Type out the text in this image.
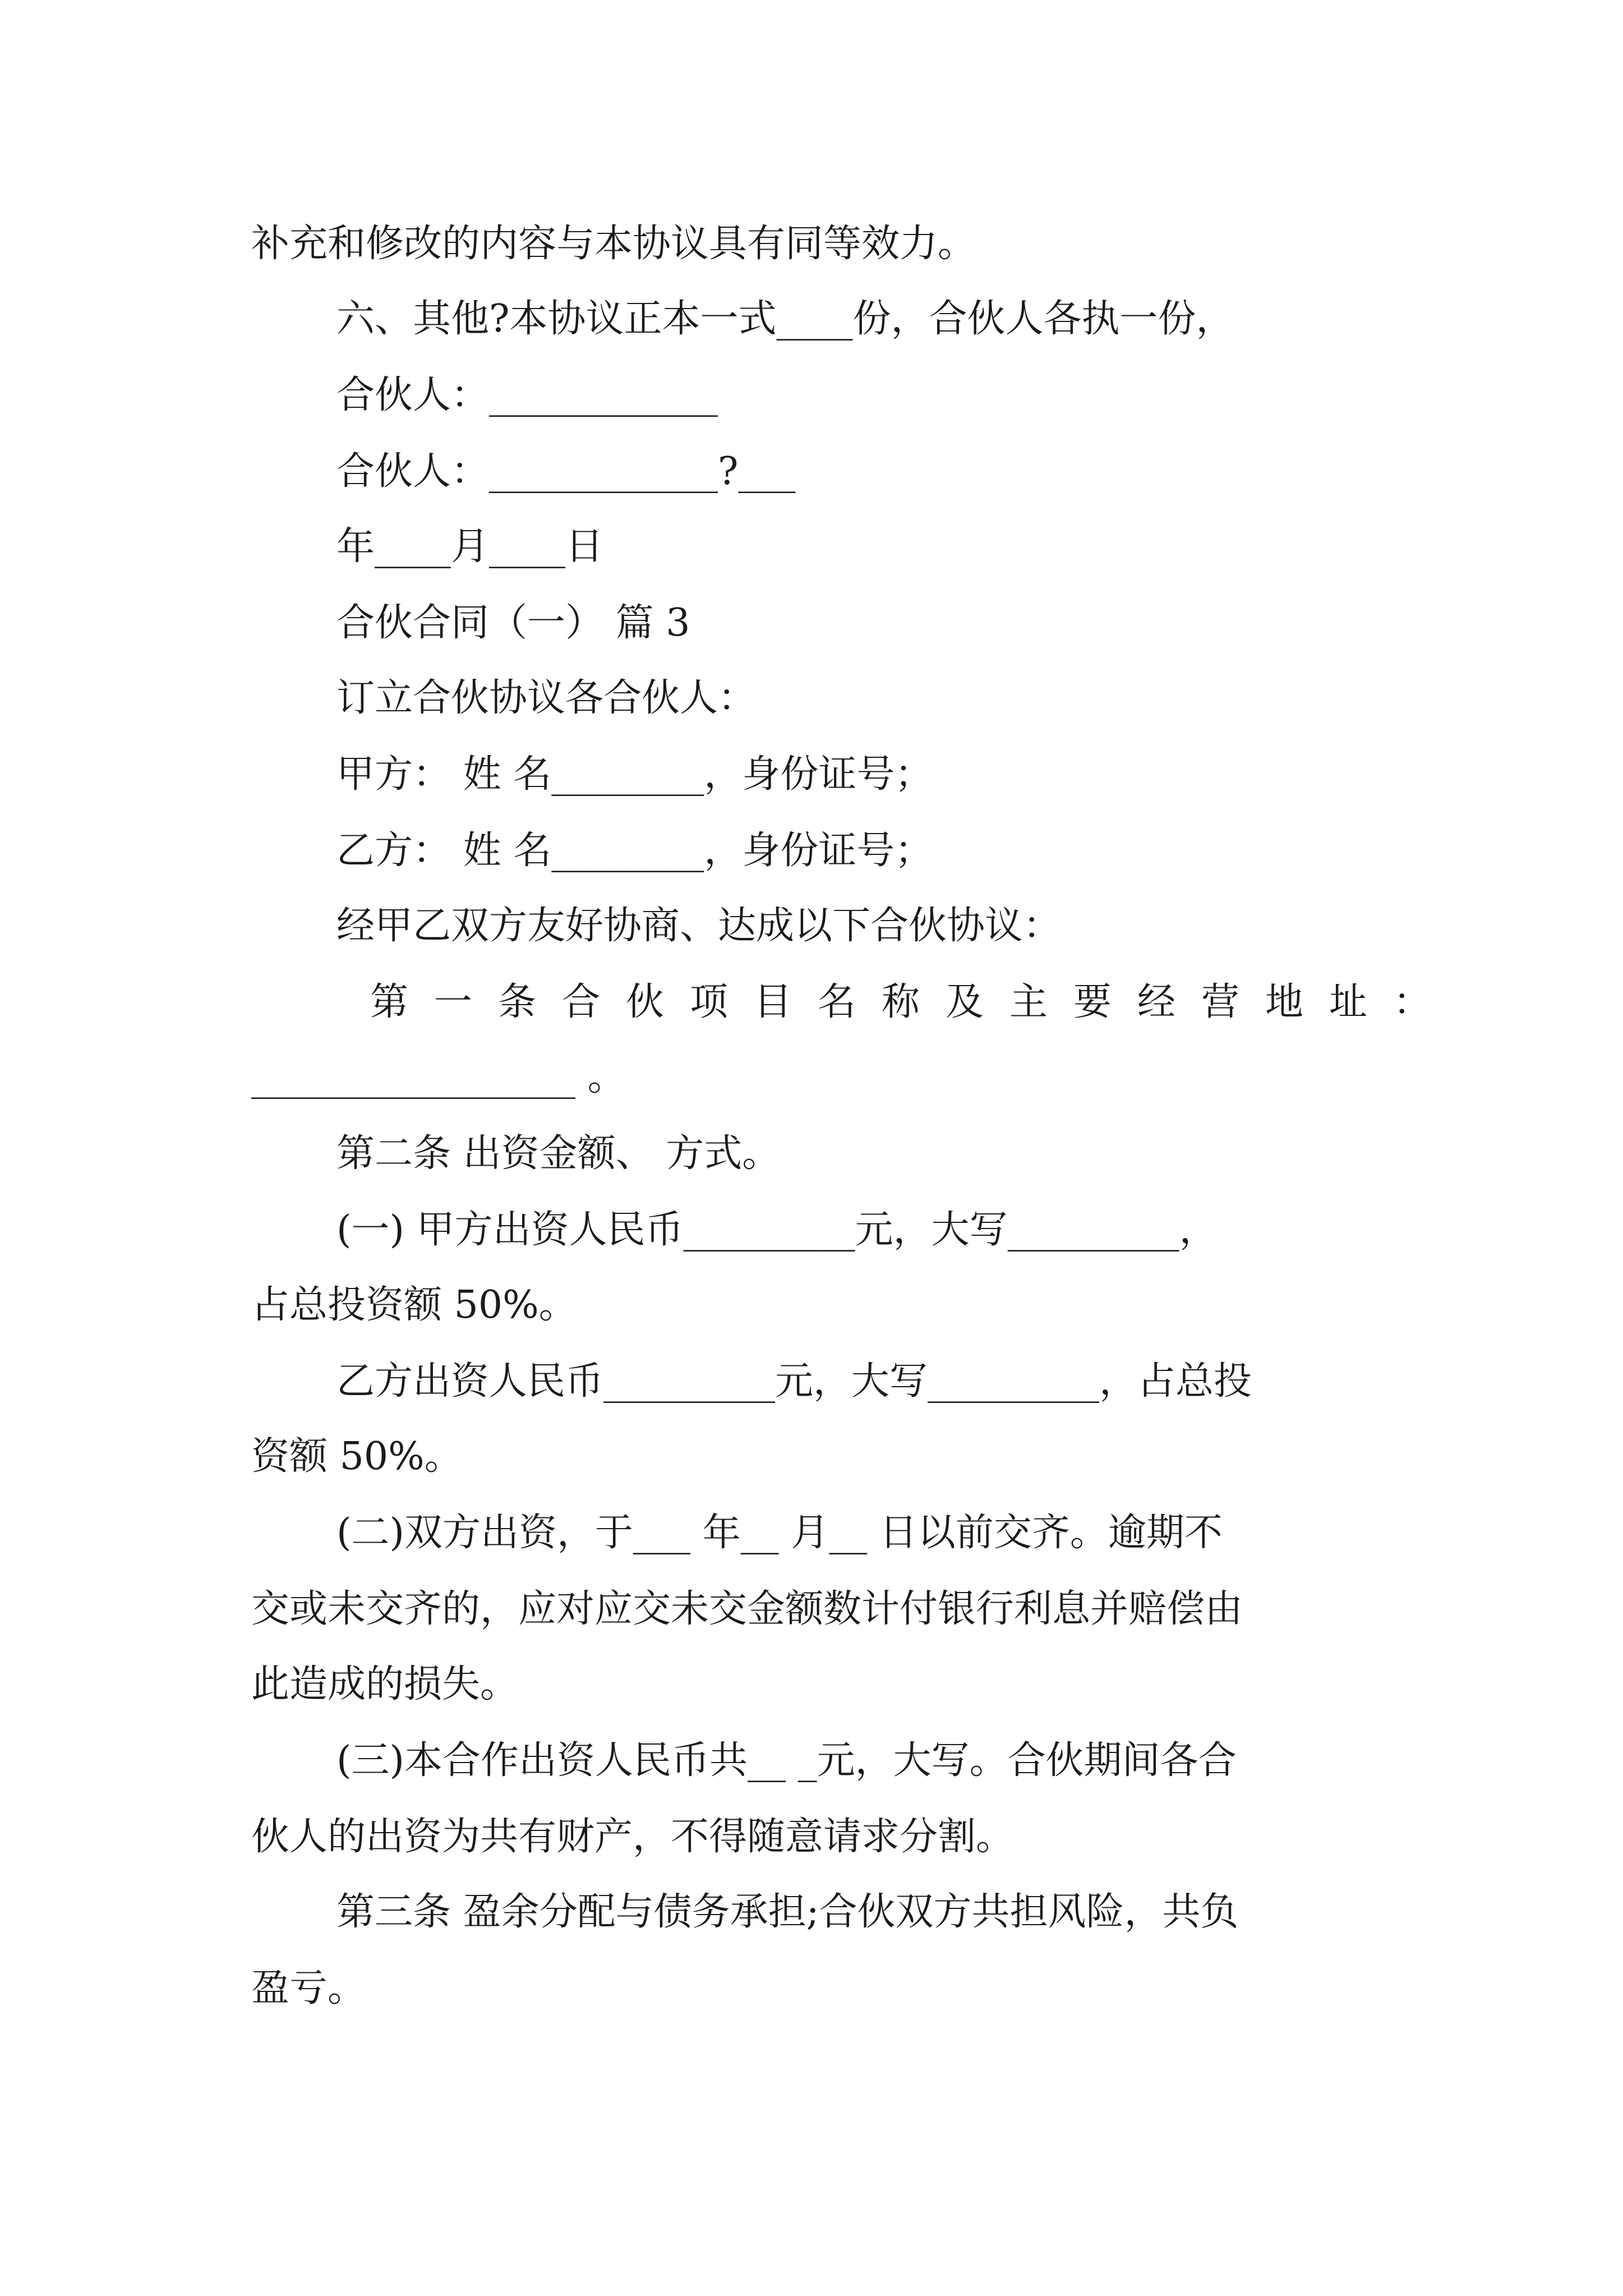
补充和修改的内容与本协议具有同等效力。
六、其他?本协议正本一式____份，合伙人各执一份，
合伙人：____________
合伙人：____________?___
年____月____日
合伙合同（一） 篇 3
订立合伙协议各合伙人：
甲方： 姓 名________，身份证号；
乙方： 姓 名________，身份证号；
经甲乙双方友好协商、达成以下合伙协议：
第一条合伙项目名称及主要经营地址：
_________________ 。
第二条 出资金额、 方式。
(一) 甲方出资人民币_________元，大写_________，
占总投资额 50%。
乙方出资人民币_________元，大写_________，占总投
资额 50%。
(二)双方出资，于___ 年__ 月__ 日以前交齐。逾期不
交或未交齐的，应对应交未交金额数计付银行利息并赔偿由
此造成的损失。
(三)本合作出资人民币共__ _元，大写。合伙期间各合
伙人的出资为共有财产，不得随意请求分割。
第三条 盈余分配与债务承担;合伙双方共担风险，共负
盈亏。
